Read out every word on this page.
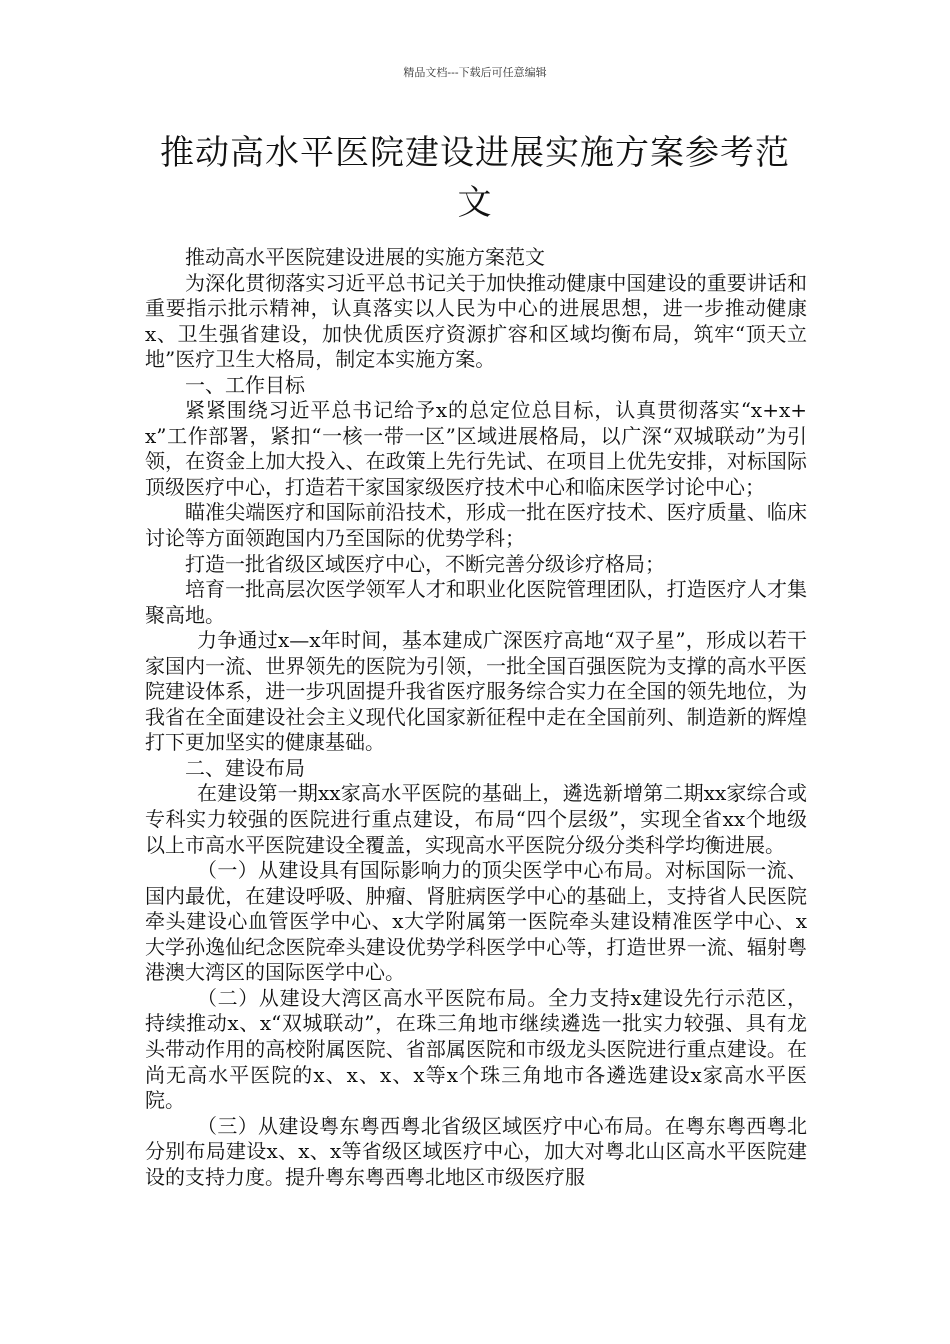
精品文档---下载后可任意编辑
推动高水平医院建设进展实施方案参考范文

推动高水平医院建设进展的实施方案范文

为深化贯彻落实习近平总书记关于加快推动健康中国建设的重要讲话和重要指示批示精神，认真落实以人民为中心的进展思想，进一步推动健康x、卫生强省建设，加快优质医疗资源扩容和区域均衡布局，筑牢“顶天立地”医疗卫生大格局，制定本实施方案。

一、工作目标

紧紧围绕习近平总书记给予x的总定位总目标，认真贯彻落实“x+x+x”工作部署，紧扣“一核一带一区”区域进展格局，以广深“双城联动”为引领，在资金上加大投入、在政策上先行先试、在项目上优先安排，对标国际顶级医疗中心，打造若干家国家级医疗技术中心和临床医学讨论中心；

瞄准尖端医疗和国际前沿技术，形成一批在医疗技术、医疗质量、临床讨论等方面领跑国内乃至国际的优势学科；

打造一批省级区域医疗中心，不断完善分级诊疗格局；

培育一批高层次医学领军人才和职业化医院管理团队，打造医疗人才集聚高地。

力争通过x—x年时间，基本建成广深医疗高地“双子星”，形成以若干家国内一流、世界领先的医院为引领，一批全国百强医院为支撑的高水平医院建设体系，进一步巩固提升我省医疗服务综合实力在全国的领先地位，为我省在全面建设社会主义现代化国家新征程中走在全国前列、制造新的辉煌打下更加坚实的健康基础。

二、建设布局

在建设第一期xx家高水平医院的基础上，遴选新增第二期xx家综合或专科实力较强的医院进行重点建设，布局“四个层级”，实现全省xx个地级以上市高水平医院建设全覆盖，实现高水平医院分级分类科学均衡进展。

（一）从建设具有国际影响力的顶尖医学中心布局。对标国际一流、国内最优，在建设呼吸、肿瘤、肾脏病医学中心的基础上，支持省人民医院牵头建设心血管医学中心、x大学附属第一医院牵头建设精准医学中心、x大学孙逸仙纪念医院牵头建设优势学科医学中心等，打造世界一流、辐射粤港澳大湾区的国际医学中心。

（二）从建设大湾区高水平医院布局。全力支持x建设先行示范区，持续推动x、x“双城联动”，在珠三角地市继续遴选一批实力较强、具有龙头带动作用的高校附属医院、省部属医院和市级龙头医院进行重点建设。在尚无高水平医院的x、x、x、x等x个珠三角地市各遴选建设x家高水平医院。

（三）从建设粤东粤西粤北省级区域医疗中心布局。在粤东粤西粤北分别布局建设x、x、x等省级区域医疗中心，加大对粤北山区高水平医院建设的支持力度。提升粤东粤西粤北地区市级医疗服
